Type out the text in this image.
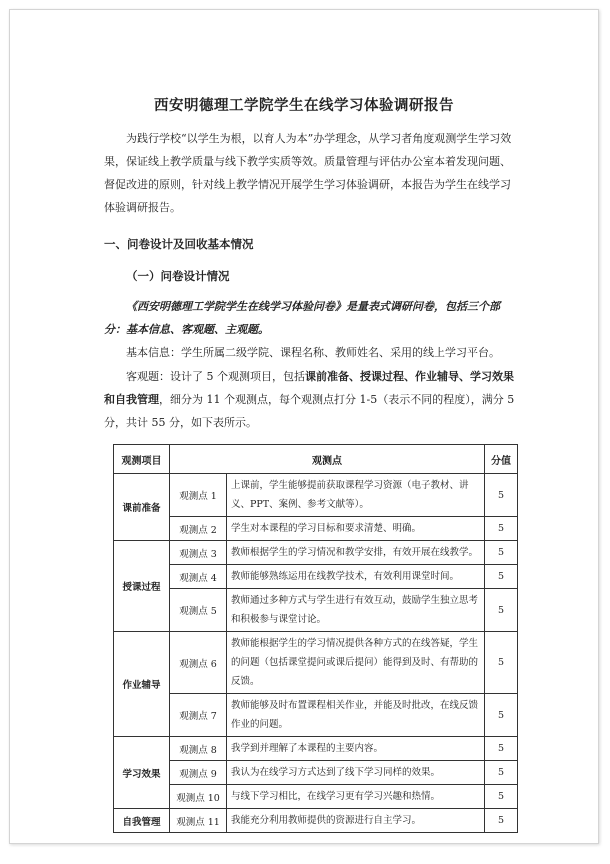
西安明德理工学院学生在线学习体验调研报告

为践行学校“以学生为根，以育人为本”办学理念，从学习者角度观测学生学习效果，保证线上教学质量与线下教学实质等效。质量管理与评估办公室本着发现问题、督促改进的原则，针对线上教学情况开展学生学习体验调研，本报告为学生在线学习体验调研报告。

一、问卷设计及回收基本情况
（一）问卷设计情况

《西安明德理工学院学生在线学习体验问卷》是量表式调研问卷，包括三个部分：基本信息、客观题、主观题。

基本信息：学生所属二级学院、课程名称、教师姓名、采用的线上学习平台。

客观题：设计了 5 个观测项目，包括课前准备、授课过程、作业辅导、学习效果和自我管理，细分为 11 个观测点，每个观测点打分 1-5（表示不同的程度），满分 5 分，共计 55 分，如下表所示。

观测项目	观测点		分值
课前准备	观测点 1	上课前，学生能够提前获取课程学习资源（电子教材、讲义、PPT、案例、参考文献等）。	5
	观测点 2	学生对本课程的学习目标和要求清楚、明确。	5
授课过程	观测点 3	教师根据学生的学习情况和教学安排，有效开展在线教学。	5
	观测点 4	教师能够熟练运用在线教学技术，有效利用课堂时间。	5
	观测点 5	教师通过多种方式与学生进行有效互动，鼓励学生独立思考和积极参与课堂讨论。	5
作业辅导	观测点 6	教师能根据学生的学习情况提供各种方式的在线答疑，学生的问题（包括课堂提问或课后提问）能得到及时、有帮助的反馈。	5
	观测点 7	教师能够及时布置课程相关作业，并能及时批改，在线反馈作业的问题。	5
学习效果	观测点 8	我学到并理解了本课程的主要内容。	5
	观测点 9	我认为在线学习方式达到了线下学习同样的效果。	5
	观测点 10	与线下学习相比，在线学习更有学习兴趣和热情。	5
自我管理	观测点 11	我能充分利用教师提供的资源进行自主学习。	5
